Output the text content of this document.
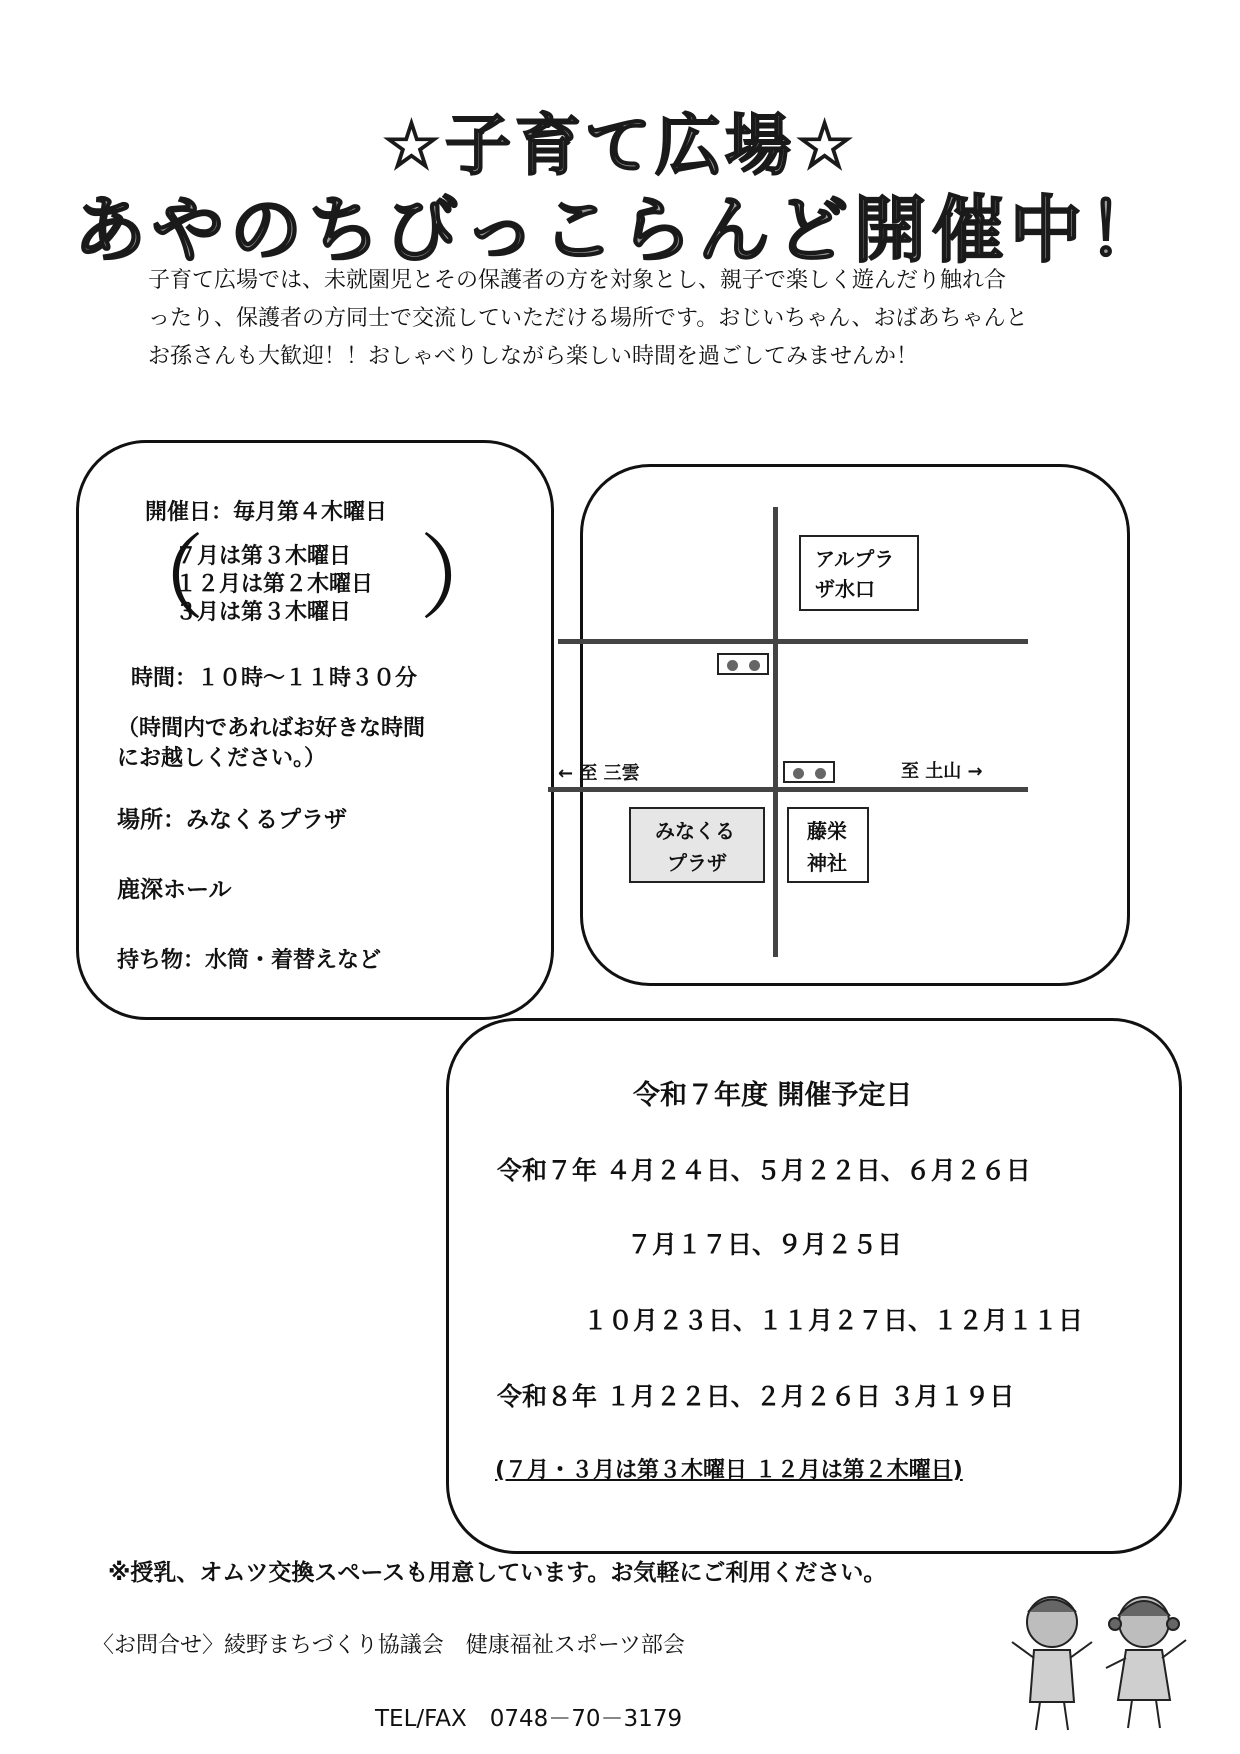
☆子育て広場☆
あやのちびっこらんど開催中！
子育て広場では、未就園児とその保護者の方を対象とし、親子で楽しく遊んだり触れ合
ったり、保護者の方同士で交流していただける場所です。おじいちゃん、おばあちゃんと
お孫さんも大歓迎！！おしゃべりしながら楽しい時間を過ごしてみませんか！
開催日：毎月第４木曜日
（
７月は第３木曜日
１２月は第２木曜日
３月は第３木曜日 ）
時間：１０時～１１時３０分
（時間内であればお好きな時間
にお越しください。）
場所：みなくるプラザ
鹿深ホール
持ち物：水筒・着替えなど
アルプラ
ザ水口
← 至 三雲	至 土山 →
みなくる
プラザ
藤栄
神社
令和７年度 開催予定日
令和７年 ４月２４日、５月２２日、６月２６日
７月１７日、９月２５日
１０月２３日、１１月２７日、１２月１１日
令和８年 １月２２日、２月２６日 ３月１９日
(７月・３月は第３木曜日 １２月は第２木曜日)
※授乳、オムツ交換スペースも用意しています。お気軽にご利用ください。
〈お問合せ〉綾野まちづくり協議会　健康福祉スポーツ部会
TEL/FAX　0748－70－3179
